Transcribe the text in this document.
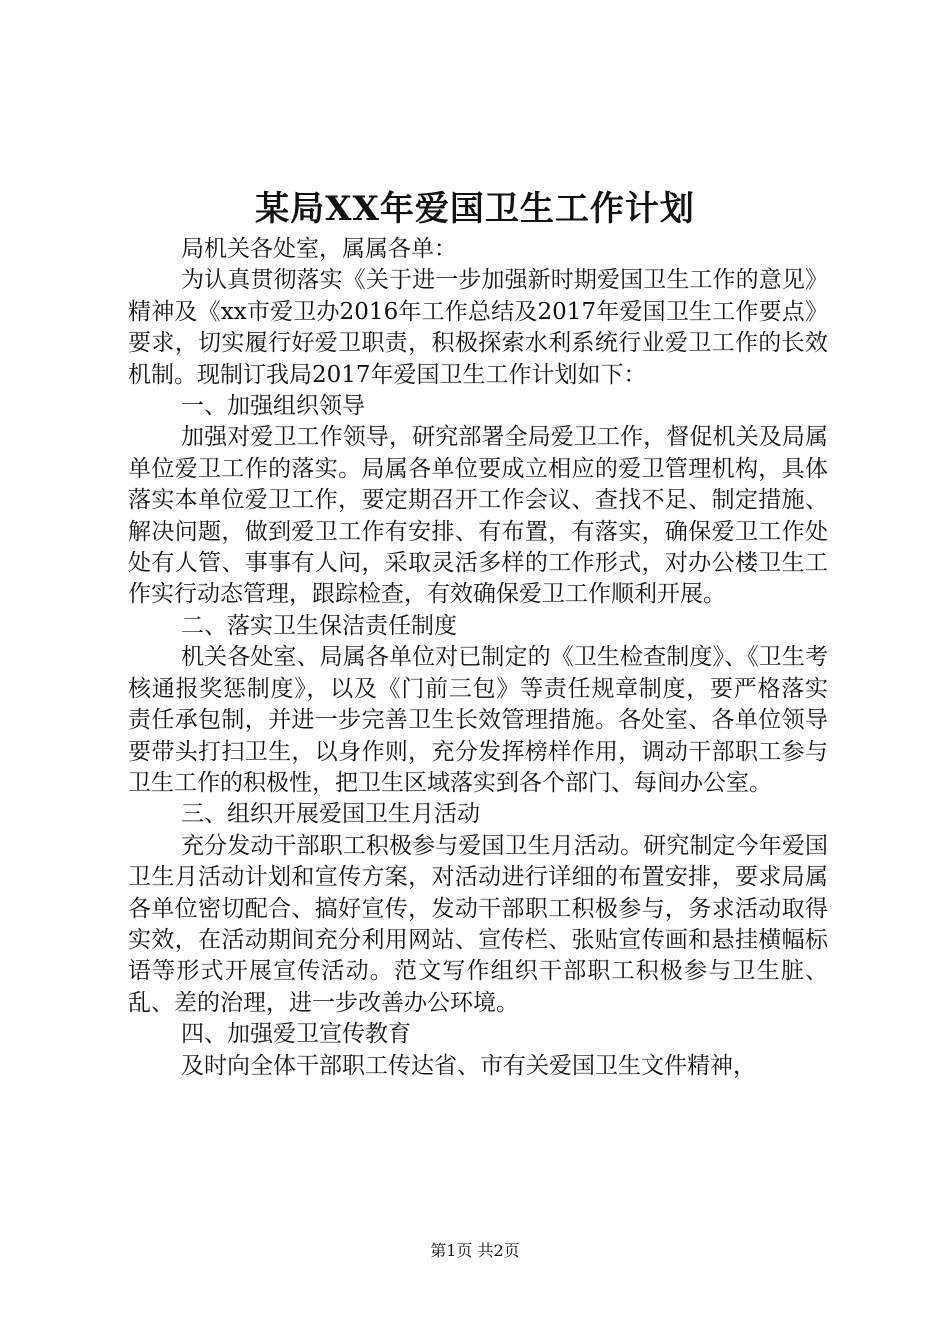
某局XX年爱国卫生工作计划

局机关各处室，属属各单：

为认真贯彻落实《关于进一步加强新时期爱国卫生工作的意见》精神及《xx市爱卫办2016年工作总结及2017年爱国卫生工作要点》要求，切实履行好爱卫职责，积极探索水利系统行业爱卫工作的长效机制。现制订我局2017年爱国卫生工作计划如下：

一、加强组织领导

加强对爱卫工作领导，研究部署全局爱卫工作，督促机关及局属单位爱卫工作的落实。局属各单位要成立相应的爱卫管理机构，具体落实本单位爱卫工作，要定期召开工作会议、查找不足、制定措施、解决问题，做到爱卫工作有安排、有布置，有落实，确保爱卫工作处处有人管、事事有人问，采取灵活多样的工作形式，对办公楼卫生工作实行动态管理，跟踪检查，有效确保爱卫工作顺利开展。

二、落实卫生保洁责任制度

机关各处室、局属各单位对已制定的《卫生检查制度》、《卫生考核通报奖惩制度》，以及《门前三包》等责任规章制度，要严格落实责任承包制，并进一步完善卫生长效管理措施。各处室、各单位领导要带头打扫卫生，以身作则，充分发挥榜样作用，调动干部职工参与卫生工作的积极性，把卫生区域落实到各个部门、每间办公室。

三、组织开展爱国卫生月活动

充分发动干部职工积极参与爱国卫生月活动。研究制定今年爱国卫生月活动计划和宣传方案，对活动进行详细的布置安排，要求局属各单位密切配合、搞好宣传，发动干部职工积极参与，务求活动取得实效，在活动期间充分利用网站、宣传栏、张贴宣传画和悬挂横幅标语等形式开展宣传活动。范文写作组织干部职工积极参与卫生脏、乱、差的治理，进一步改善办公环境。

四、加强爱卫宣传教育

及时向全体干部职工传达省、市有关爱国卫生文件精神，

第1页 共2页
